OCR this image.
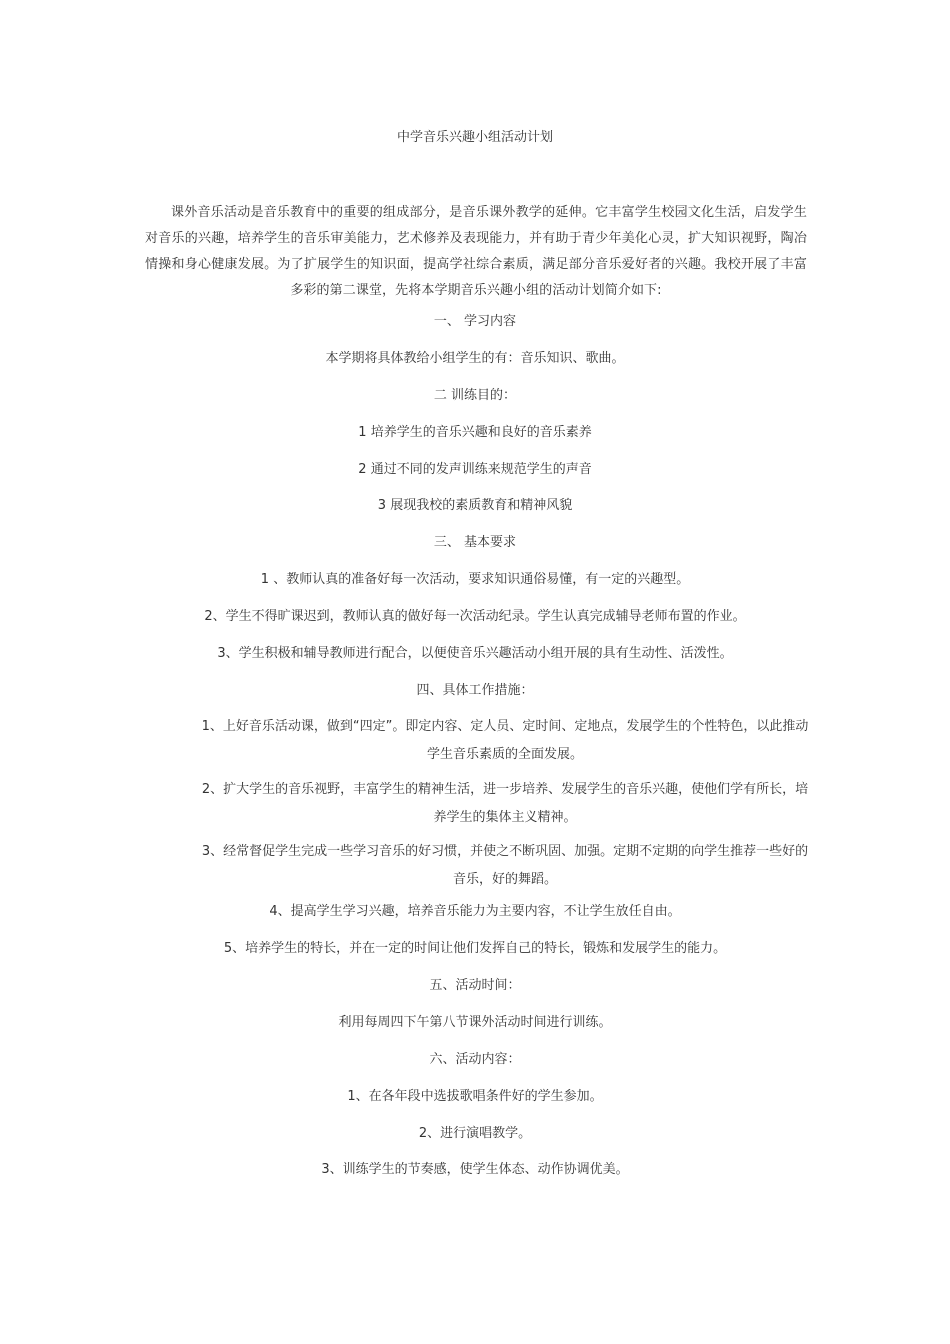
中学音乐兴趣小组活动计划
课外音乐活动是音乐教育中的重要的组成部分，是音乐课外教学的延伸。它丰富学生校园文化生活，启发学生对音乐的兴趣，培养学生的音乐审美能力，艺术修养及表现能力，并有助于青少年美化心灵，扩大知识视野，陶冶情操和身心健康发展。为了扩展学生的知识面，提高学社综合素质，满足部分音乐爱好者的兴趣。我校开展了丰富多彩的第二课堂，先将本学期音乐兴趣小组的活动计划简介如下:
一、 学习内容
本学期将具体教给小组学生的有：音乐知识、歌曲。
二 训练目的：
1 培养学生的音乐兴趣和良好的音乐素养
2 通过不同的发声训练来规范学生的声音
3 展现我校的素质教育和精神风貌
三、 基本要求
1 、教师认真的准备好每一次活动，要求知识通俗易懂，有一定的兴趣型。
2、学生不得旷课迟到，教师认真的做好每一次活动纪录。学生认真完成辅导老师布置的作业。
3、学生积极和辅导教师进行配合，以便使音乐兴趣活动小组开展的具有生动性、活泼性。
四、具体工作措施：
1、上好音乐活动课，做到“四定”。即定内容、定人员、定时间、定地点，发展学生的个性特色，以此推动学生音乐素质的全面发展。
2、扩大学生的音乐视野，丰富学生的精神生活，进一步培养、发展学生的音乐兴趣，使他们学有所长，培养学生的集体主义精神。
3、经常督促学生完成一些学习音乐的好习惯，并使之不断巩固、加强。定期不定期的向学生推荐一些好的音乐，好的舞蹈。
4、提高学生学习兴趣，培养音乐能力为主要内容，不让学生放任自由。
5、培养学生的特长，并在一定的时间让他们发挥自己的特长，锻炼和发展学生的能力。
五、活动时间：
利用每周四下午第八节课外活动时间进行训练。
六、活动内容：
1、在各年段中选拔歌唱条件好的学生参加。
2、进行演唱教学。
3、训练学生的节奏感，使学生体态、动作协调优美。
